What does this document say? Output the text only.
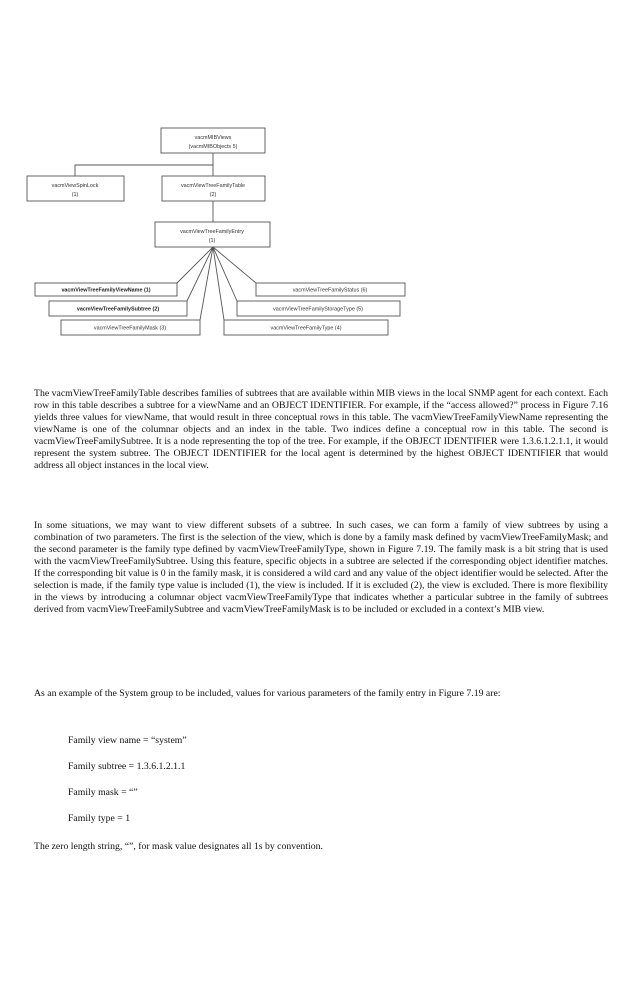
vacmMIBViews
(vacmMIBObjects 5)
vacmViewSpinLock
(1)
vacmViewTreeFamilyTable
(2)
vacmViewTreeFamilyEntry
(1)
vacmViewTreeFamilyViewName (1)
vacmViewTreeFamilySubtree (2)
vacmViewTreeFamilyMask (3)
vacmViewTreeFamilyStatus (6)
vacmViewTreeFamilyStorageType (5)
vacmViewTreeFamilyType (4)

The vacmViewTreeFamilyTable describes families of subtrees that are available within MIB views in the local SNMP agent for each context. Each row in this table describes a subtree for a viewName and an OBJECT IDENTIFIER. For example, if the “access allowed?” process in Figure 7.16 yields three values for viewName, that would result in three conceptual rows in this table. The vacmViewTreeFamilyViewName representing the viewName is one of the columnar objects and an index in the table. Two indices define a conceptual row in this table. The second is vacmViewTreeFamilySubtree. It is a node representing the top of the tree. For example, if the OBJECT IDENTIFIER were 1.3.6.1.2.1.1, it would represent the system subtree. The OBJECT IDENTIFIER for the local agent is determined by the highest OBJECT IDENTIFIER that would address all object instances in the local view.

In some situations, we may want to view different subsets of a subtree. In such cases, we can form a family of view subtrees by using a combination of two parameters. The first is the selection of the view, which is done by a family mask defined by vacmViewTreeFamilyMask; and the second parameter is the family type defined by vacmViewTreeFamilyType, shown in Figure 7.19. The family mask is a bit string that is used with the vacmViewTreeFamilySubtree. Using this feature, specific objects in a subtree are selected if the corresponding object identifier matches. If the corresponding bit value is 0 in the family mask, it is considered a wild card and any value of the object identifier would be selected. After the selection is made, if the family type value is included (1), the view is included. If it is excluded (2), the view is excluded. There is more flexibility in the views by introducing a columnar object vacmViewTreeFamilyType that indicates whether a particular subtree in the family of subtrees derived from vacmViewTreeFamilySubtree and vacmViewTreeFamilyMask is to be included or excluded in a context’s MIB view.

As an example of the System group to be included, values for various parameters of the family entry in Figure 7.19 are:

Family view name = “system”

Family subtree = 1.3.6.1.2.1.1

Family mask = “”

Family type = 1

The zero length string, “”, for mask value designates all 1s by convention.
